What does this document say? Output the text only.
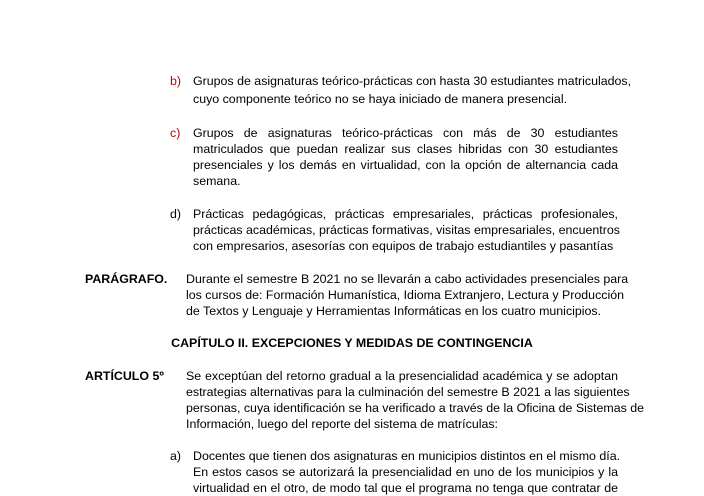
b) Grupos de asignaturas teórico-prácticas con hasta 30 estudiantes matriculados,
cuyo componente teórico no se haya iniciado de manera presencial.
c) Grupos de asignaturas teórico-prácticas con más de 30 estudiantes
matriculados que puedan realizar sus clases hibridas con 30 estudiantes
presenciales y los demás en virtualidad, con la opción de alternancia cada
semana.
d) Prácticas pedagógicas, prácticas empresariales, prácticas profesionales,
prácticas académicas, prácticas formativas, visitas empresariales, encuentros
con empresarios, asesorías con equipos de trabajo estudiantiles y pasantías
PARÁGRAFO. Durante el semestre B 2021 no se llevarán a cabo actividades presenciales para
los cursos de: Formación Humanística, Idioma Extranjero, Lectura y Producción
de Textos y Lenguaje y Herramientas Informáticas en los cuatro municipios.
CAPÍTULO II. EXCEPCIONES Y MEDIDAS DE CONTINGENCIA
ARTÍCULO 5º Se exceptúan del retorno gradual a la presencialidad académica y se adoptan
estrategias alternativas para la culminación del semestre B 2021 a las siguientes
personas, cuya identificación se ha verificado a través de la Oficina de Sistemas de
Información, luego del reporte del sistema de matrículas:
a) Docentes que tienen dos asignaturas en municipios distintos en el mismo día.
En estos casos se autorizará la presencialidad en uno de los municipios y la
virtualidad en el otro, de modo tal que el programa no tenga que contratar de
